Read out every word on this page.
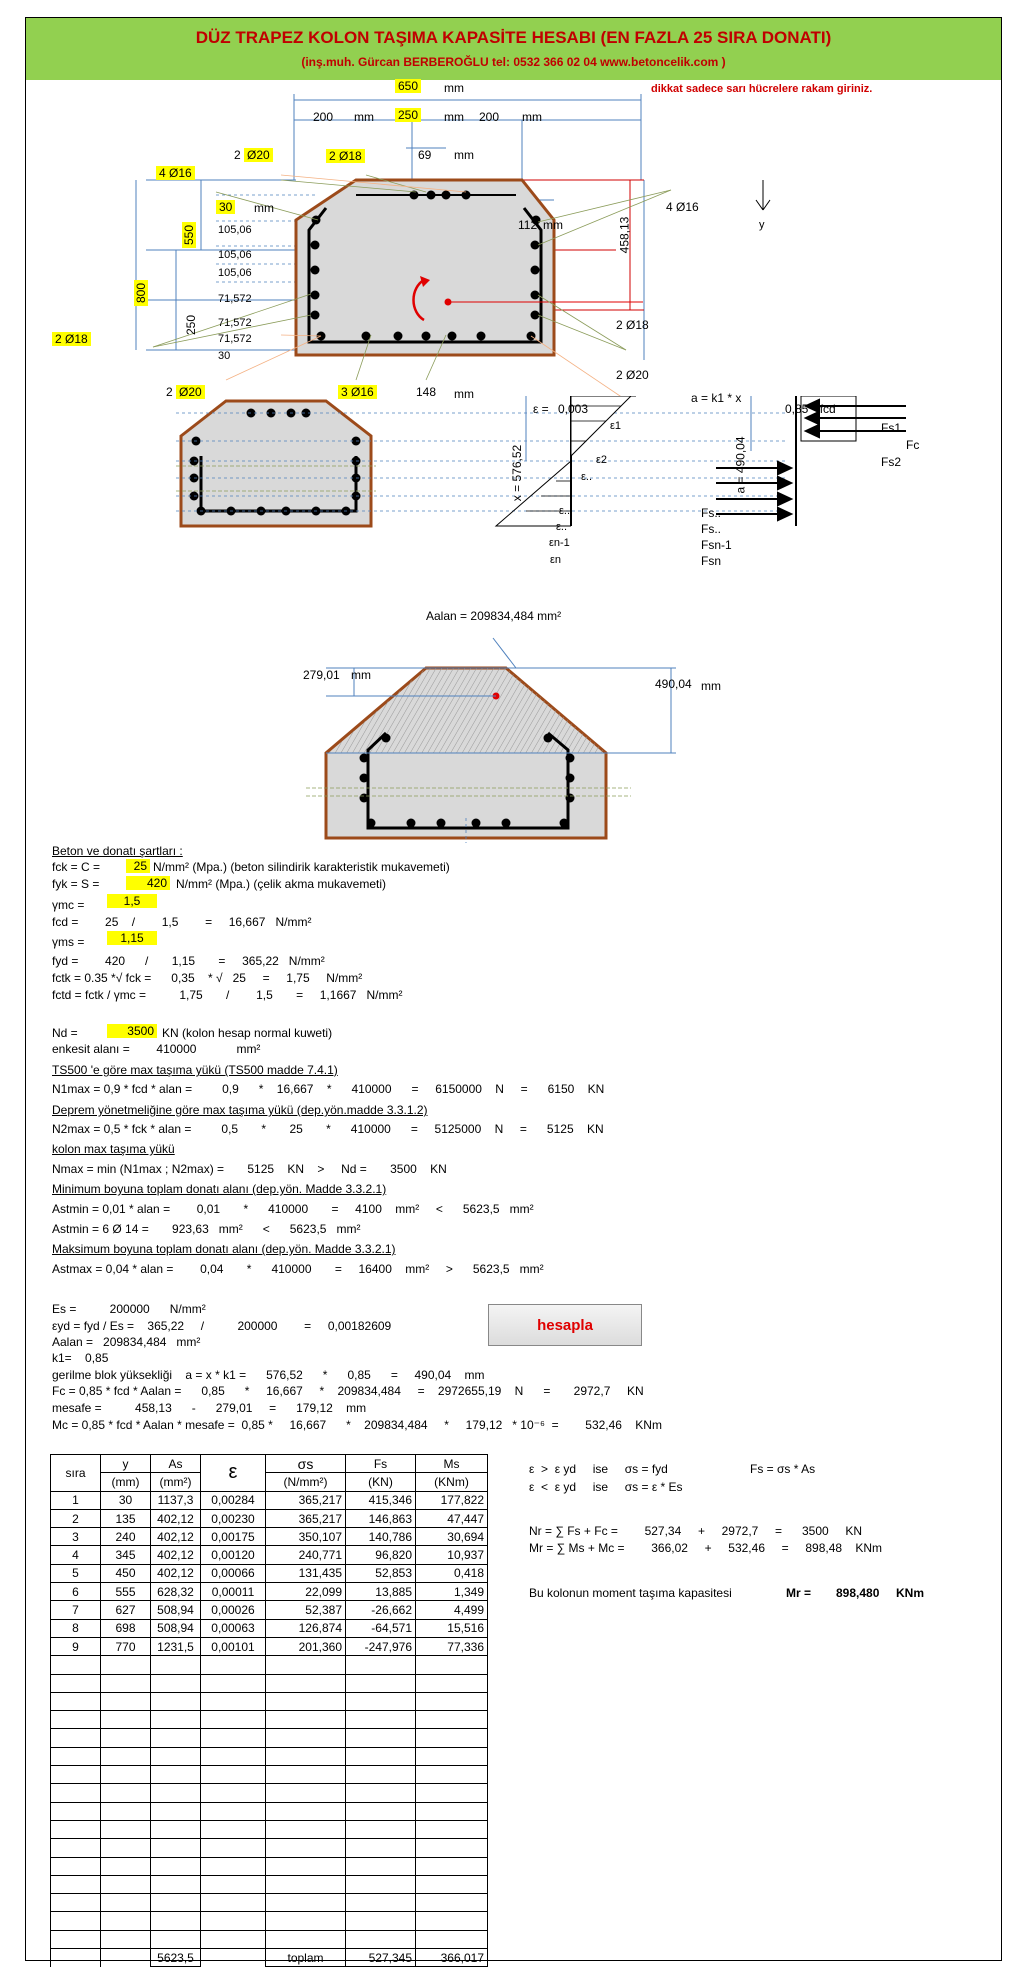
DÜZ TRAPEZ KOLON TAŞIMA KAPASİTE HESABI (EN FAZLA 25 SIRA DONATI)
(inş.muh. Gürcan BERBEROĞLU tel: 0532 366 02 04 www.betoncelik.com )
dikkat sadece sarı hücrelere rakam giriniz.
y
650 mm
200 mm 250 mm 200 mm
69 mm
2 Ø20	2 Ø18
4 Ø16
4 Ø16
112 mm
30 mm
550
800
250
458,13
105,06
105,06
105,06
71,572
71,572
71,572
30
2 Ø18
2 Ø18
2 Ø20
2 Ø20	3 Ø16	148 mm
ε = 0,003
a = k1 * x
0,85 * fcd
x = 576,52
a = 490,04
ε1
ε2
ε..
ε..
ε..
εn-1
εn
Fs1
Fc
Fs2
Fs..
Fs..
Fsn-1
Fsn
Aalan = 209834,484 mm²
279,01 mm
490,04 mm
Beton ve donatı şartları :
fck = C =	25 N/mm² (Mpa.) (beton silindirik karakteristik mukavemeti)
fyk = S =	420 N/mm² (Mpa.) (çelik akma mukavemeti)
γmc =	1,5
fcd =        25    /        1,5        =     16,667   N/mm²
γms =	1,15
fyd =        420      /       1,15       =     365,22   N/mm²
fctk = 0.35 *√ fck =      0,35    * √   25     =     1,75     N/mm²
fctd = fctk / γmc =          1,75       /        1,5       =     1,1667   N/mm²
Nd =	3500 KN (kolon hesap normal kuweti)
enkesit alanı =        410000            mm²
TS500 'e göre max taşıma yükü (TS500 madde 7.4.1)
N1max = 0,9 * fcd * alan =         0,9      *    16,667    *      410000      =     6150000    N     =      6150    KN
Deprem yönetmeliğine göre max taşıma yükü (dep.yön.madde 3.3.1.2)
N2max = 0,5 * fck * alan =         0,5       *       25       *      410000      =     5125000    N     =      5125    KN
kolon max taşıma yükü
Nmax = min (N1max ; N2max) =       5125    KN    >     Nd =       3500    KN
Minimum boyuna toplam donatı alanı (dep.yön. Madde 3.3.2.1)
Astmin = 0,01 * alan =        0,01       *      410000       =     4100    mm²     <      5623,5   mm²
Astmin = 6 Ø 14 =       923,63   mm²      <      5623,5   mm²
Maksimum boyuna toplam donatı alanı (dep.yön. Madde 3.3.2.1)
Astmax = 0,04 * alan =        0,04       *      410000       =     16400    mm²     >      5623,5   mm²
Es =          200000      N/mm²
εyd = fyd / Es =    365,22     /          200000        =     0,00182609
Aalan =   209834,484   mm²
k1=    0,85
gerilme blok yüksekliği    a = x * k1 =      576,52      *      0,85      =     490,04    mm
Fc = 0,85 * fcd * Aalan =      0,85      *     16,667     *    209834,484     =    2972655,19    N      =       2972,7     KN
mesafe =          458,13      -      279,01     =      179,12    mm
Mc = 0,85 * fcd * Aalan * mesafe =  0,85 *     16,667      *    209834,484     *     179,12   * 10⁻⁶  =        532,46    KNm
hesapla
sıra	y	As	ε	σs	Fs	Ms
	(mm)	(mm²)		(N/mm²)	(KN)	(KNm)
1	30	1137,3	0,00284	365,217	415,346	177,822
2	135	402,12	0,00230	365,217	146,863	47,447
3	240	402,12	0,00175	350,107	140,786	30,694
4	345	402,12	0,00120	240,771	96,820	10,937
5	450	402,12	0,00066	131,435	52,853	0,418
6	555	628,32	0,00011	22,099	13,885	1,349
7	627	508,94	0,00026	52,387	-26,662	4,499
8	698	508,94	0,00063	126,874	-64,571	15,516
9	770	1231,5	0,00101	201,360	-247,976	77,336

		5623,5		toplam	527,345	366,017
ε  >  ε yd     ise     σs = fyd	Fs = σs * As
ε  <  ε yd     ise     σs = ε * Es
Nr = ∑ Fs + Fc =        527,34     +     2972,7     =      3500     KN
Mr = ∑ Ms + Mc =        366,02     +     532,46     =     898,48    KNm
Bu kolonun moment taşıma kapasitesi	Mr = 898,480 KNm
